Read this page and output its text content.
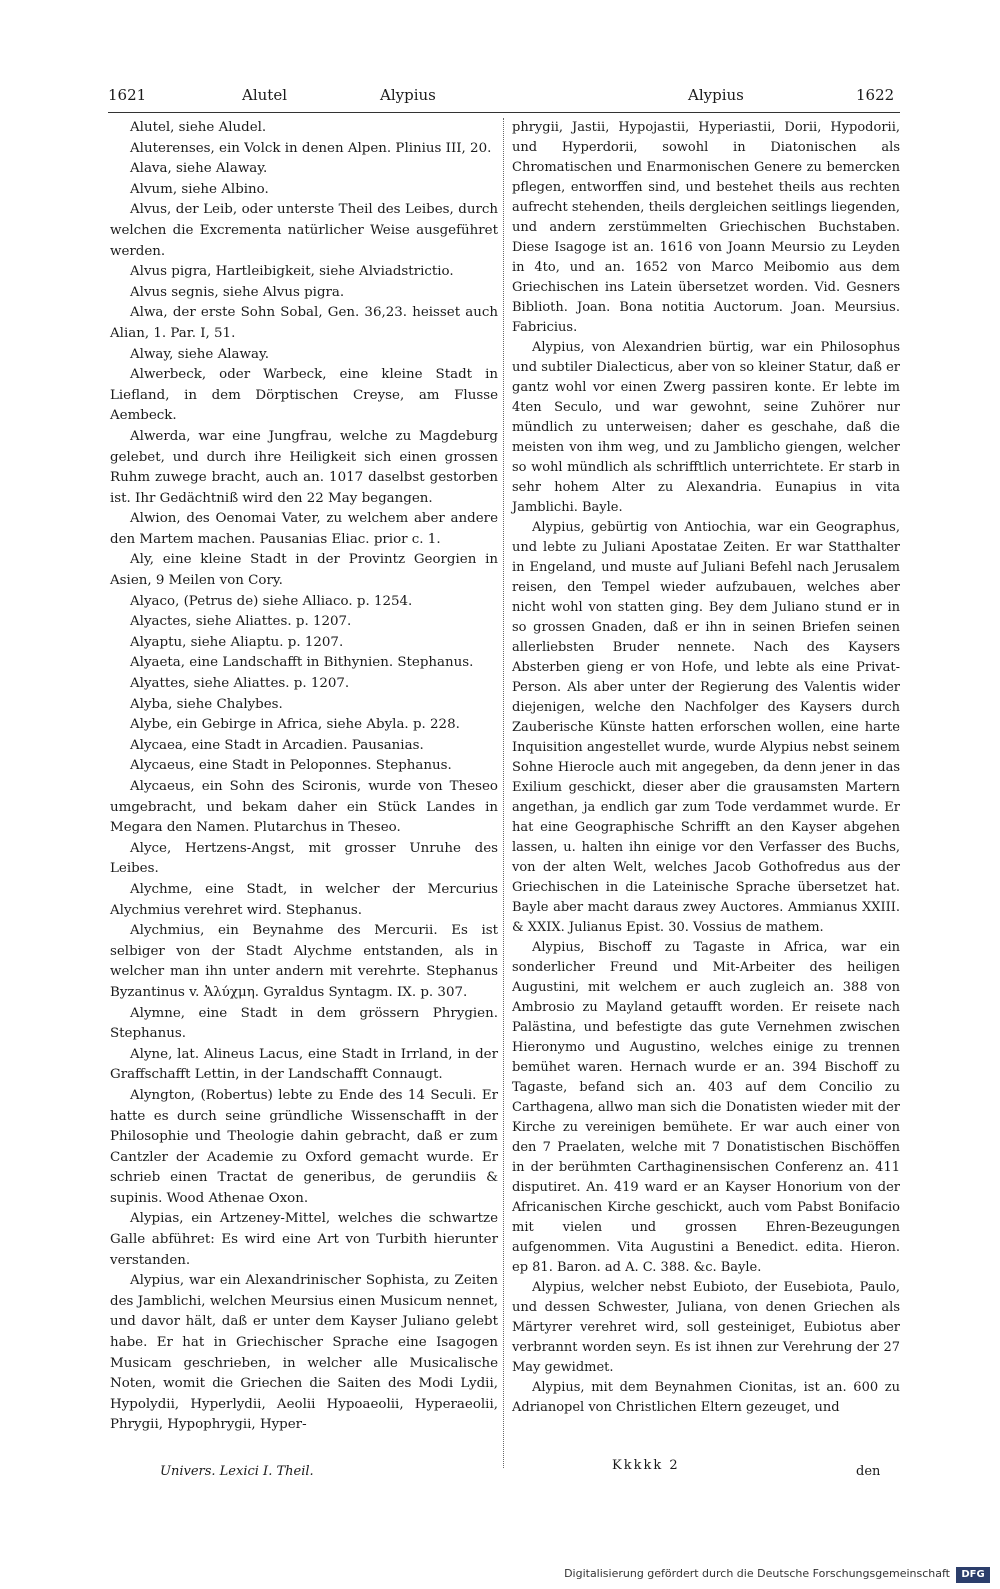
1621	Alutel	Alypius	Alypius	1622

Alutel, siehe Aludel.

Aluterenses, ein Volck in denen Alpen. Plinius III, 20.

Alava, siehe Alaway.

Alvum, siehe Albino.

Alvus, der Leib, oder unterste Theil des Leibes, durch welchen die Excrementa natürlicher Weise ausgeführet werden.

Alvus pigra, Hartleibigkeit, siehe Alviadstrictio.

Alvus segnis, siehe Alvus pigra.

Alwa, der erste Sohn Sobal, Gen. 36,23. heisset auch Alian, 1. Par. I, 51.

Alway, siehe Alaway.

Alwerbeck, oder Warbeck, eine kleine Stadt in Liefland, in dem Dörptischen Creyse, am Flusse Aembeck.

Alwerda, war eine Jungfrau, welche zu Magdeburg gelebet, und durch ihre Heiligkeit sich einen grossen Ruhm zuwege bracht, auch an. 1017 daselbst gestorben ist. Ihr Gedächtniß wird den 22 May begangen.

Alwion, des Oenomai Vater, zu welchem aber andere den Martem machen. Pausanias Eliac. prior c. 1.

Aly, eine kleine Stadt in der Provintz Georgien in Asien, 9 Meilen von Cory.

Alyaco, (Petrus de) siehe Alliaco. p. 1254.

Alyactes, siehe Aliattes. p. 1207.

Alyaptu, siehe Aliaptu. p. 1207.

Alyaeta, eine Landschafft in Bithynien. Stephanus.

Alyattes, siehe Aliattes. p. 1207.

Alyba, siehe Chalybes.

Alybe, ein Gebirge in Africa, siehe Abyla. p. 228.

Alycaea, eine Stadt in Arcadien. Pausanias.

Alycaeus, eine Stadt in Peloponnes. Stephanus.

Alycaeus, ein Sohn des Scironis, wurde von Theseo umgebracht, und bekam daher ein Stück Landes in Megara den Namen. Plutarchus in Theseo.

Alyce, Hertzens-Angst, mit grosser Unruhe des Leibes.

Alychme, eine Stadt, in welcher der Mercurius Alychmius verehret wird. Stephanus.

Alychmius, ein Beynahme des Mercurii. Es ist selbiger von der Stadt Alychme entstanden, als in welcher man ihn unter andern mit verehrte. Stephanus Byzantinus v. Ἀλύχμη. Gyraldus Syntagm. IX. p. 307.

Alymne, eine Stadt in dem grössern Phrygien. Stephanus.

Alyne, lat. Alineus Lacus, eine Stadt in Irrland, in der Graffschafft Lettin, in der Landschafft Connaugt.

Alyngton, (Robertus) lebte zu Ende des 14 Seculi. Er hatte es durch seine gründliche Wissenschafft in der Philosophie und Theologie dahin gebracht, daß er zum Cantzler der Academie zu Oxford gemacht wurde. Er schrieb einen Tractat de generibus, de gerundiis & supinis. Wood Athenae Oxon.

Alypias, ein Artzeney-Mittel, welches die schwartze Galle abführet: Es wird eine Art von Turbith hierunter verstanden.

Alypius, war ein Alexandrinischer Sophista, zu Zeiten des Jamblichi, welchen Meursius einen Musicum nennet, und davor hält, daß er unter dem Kayser Juliano gelebt habe. Er hat in Griechischer Sprache eine Isagogen Musicam geschrieben, in welcher alle Musicalische Noten, womit die Griechen die Saiten des Modi Lydii, Hypolydii, Hyperlydii, Aeolii Hypoaeolii, Hyperaeolii, Phrygii, Hypophrygii, Hyper-

phrygii, Jastii, Hypojastii, Hyperiastii, Dorii, Hypodorii, und Hyperdorii, sowohl in Diatonischen als Chromatischen und Enarmonischen Genere zu bemercken pflegen, entworffen sind, und bestehet theils aus rechten aufrecht stehenden, theils dergleichen seitlings liegenden, und andern zerstümmelten Griechischen Buchstaben. Diese Isagoge ist an. 1616 von Joann Meursio zu Leyden in 4to, und an. 1652 von Marco Meibomio aus dem Griechischen ins Latein übersetzet worden. Vid. Gesners Biblioth. Joan. Bona notitia Auctorum. Joan. Meursius. Fabricius.

Alypius, von Alexandrien bürtig, war ein Philosophus und subtiler Dialecticus, aber von so kleiner Statur, daß er gantz wohl vor einen Zwerg passiren konte. Er lebte im 4ten Seculo, und war gewohnt, seine Zuhörer nur mündlich zu unterweisen; daher es geschahe, daß die meisten von ihm weg, und zu Jamblicho giengen, welcher so wohl mündlich als schrifftlich unterrichtete. Er starb in sehr hohem Alter zu Alexandria. Eunapius in vita Jamblichi. Bayle.

Alypius, gebürtig von Antiochia, war ein Geographus, und lebte zu Juliani Apostatae Zeiten. Er war Statthalter in Engeland, und muste auf Juliani Befehl nach Jerusalem reisen, den Tempel wieder aufzubauen, welches aber nicht wohl von statten ging. Bey dem Juliano stund er in so grossen Gnaden, daß er ihn in seinen Briefen seinen allerliebsten Bruder nennete. Nach des Kaysers Absterben gieng er von Hofe, und lebte als eine Privat-Person. Als aber unter der Regierung des Valentis wider diejenigen, welche den Nachfolger des Kaysers durch Zauberische Künste hatten erforschen wollen, eine harte Inquisition angestellet wurde, wurde Alypius nebst seinem Sohne Hierocle auch mit angegeben, da denn jener in das Exilium geschickt, dieser aber die grausamsten Martern angethan, ja endlich gar zum Tode verdammet wurde. Er hat eine Geographische Schrifft an den Kayser abgehen lassen, u. halten ihn einige vor den Verfasser des Buchs, von der alten Welt, welches Jacob Gothofredus aus der Griechischen in die Lateinische Sprache übersetzet hat. Bayle aber macht daraus zwey Auctores. Ammianus XXIII. & XXIX. Julianus Epist. 30. Vossius de mathem.

Alypius, Bischoff zu Tagaste in Africa, war ein sonderlicher Freund und Mit-Arbeiter des heiligen Augustini, mit welchem er auch zugleich an. 388 von Ambrosio zu Mayland getaufft worden. Er reisete nach Palästina, und befestigte das gute Vernehmen zwischen Hieronymo und Augustino, welches einige zu trennen bemühet waren. Hernach wurde er an. 394 Bischoff zu Tagaste, befand sich an. 403 auf dem Concilio zu Carthagena, allwo man sich die Donatisten wieder mit der Kirche zu vereinigen bemühete. Er war auch einer von den 7 Praelaten, welche mit 7 Donatistischen Bischöffen in der berühmten Carthaginensischen Conferenz an. 411 disputiret. An. 419 ward er an Kayser Honorium von der Africanischen Kirche geschickt, auch vom Pabst Bonifacio mit vielen und grossen Ehren-Bezeugungen aufgenommen. Vita Augustini a Benedict. edita. Hieron. ep 81. Baron. ad A. C. 388. &c. Bayle.

Alypius, welcher nebst Eubioto, der Eusebiota, Paulo, und dessen Schwester, Juliana, von denen Griechen als Märtyrer verehret wird, soll gesteiniget, Eubiotus aber verbrannt worden seyn. Es ist ihnen zur Verehrung der 27 May gewidmet.

Alypius, mit dem Beynahmen Cionitas, ist an. 600 zu Adrianopel von Christlichen Eltern gezeuget, und

Univers. Lexici I. Theil.	Kkkkk 2	den
Digitalisierung gefördert durch die Deutsche Forschungsgemeinschaft	DFG
